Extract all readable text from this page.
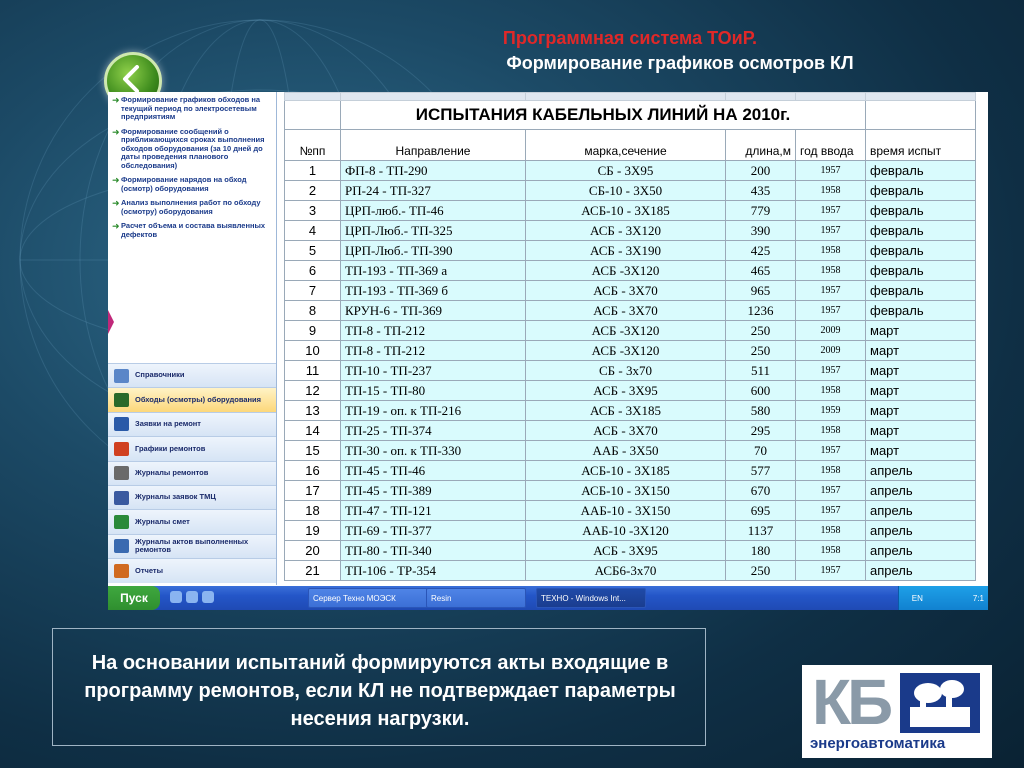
Программная система ТОиР.
Формирование графиков осмотров КЛ
➜ Формирование графиков обходов на текущий период по электросетевым предприятиям
➜ Формирование сообщений о приближающихся сроках выполнения обходов оборудования (за 10 дней до даты проведения планового обследования)
➜ Формирование нарядов на обход (осмотр) оборудования
➜ Анализ выполнения работ по обходу (осмотру) оборудования
➜ Расчет объема и состава выявленных дефектов
Справочники
Обходы (осмотры) оборудования
Заявки на ремонт
Графики ремонтов
Журналы ремонтов
Журналы заявок ТМЦ
Журналы смет
Журналы актов выполненных ремонтов
Отчеты

	ИСПЫТАНИЯ КАБЕЛЬНЫХ ЛИНИЙ НА 2010г.				
№пп	Направление	марка,сечение	длина,м	год ввода	время испыт
1	ФП-8 - ТП-290	СБ - 3Х95	200	1957	февраль
2	РП-24 - ТП-327	СБ-10 - 3Х50	435	1958	февраль
3	ЦРП-люб.- ТП-46	АСБ-10 - 3Х185	779	1957	февраль
4	ЦРП-Люб.- ТП-325	АСБ - 3Х120	390	1957	февраль
5	ЦРП-Люб.- ТП-390	АСБ - 3Х190	425	1958	февраль
6	ТП-193 - ТП-369 а	АСБ -3Х120	465	1958	февраль
7	ТП-193 - ТП-369 б	АСБ - 3Х70	965	1957	февраль
8	КРУН-6 - ТП-369	АСБ - 3Х70	1236	1957	февраль
9	ТП-8 - ТП-212	АСБ -3Х120	250	2009	март
10	ТП-8 - ТП-212	АСБ -3Х120	250	2009	март
11	ТП-10 - ТП-237	СБ - 3х70	511	1957	март
12	ТП-15 - ТП-80	АСБ - 3Х95	600	1958	март
13	ТП-19 - оп. к ТП-216	АСБ - 3Х185	580	1959	март
14	ТП-25 - ТП-374	АСБ - 3Х70	295	1958	март
15	ТП-30 - оп. к ТП-330	ААБ - 3Х50	70	1957	март
16	ТП-45 - ТП-46	АСБ-10 - 3Х185	577	1958	апрель
17	ТП-45 - ТП-389	АСБ-10 - 3Х150	670	1957	апрель
18	ТП-47 - ТП-121	ААБ-10 - 3Х150	695	1957	апрель
19	ТП-69 - ТП-377	ААБ-10 -3Х120	1137	1958	апрель
20	ТП-80 - ТП-340	АСБ - 3Х95	180	1958	апрель
21	ТП-106 - ТР-354	АСБ6-3х70	250	1957	апрель
Пуск	Сервер Техно МОЭСК	Resin	ТЕХНО - Windows Int...	EN	7:1

На основании испытаний формируются акты входящие в программу ремонтов, если КЛ не подтверждает параметры несения нагрузки.	КБ
энергоавтоматика
